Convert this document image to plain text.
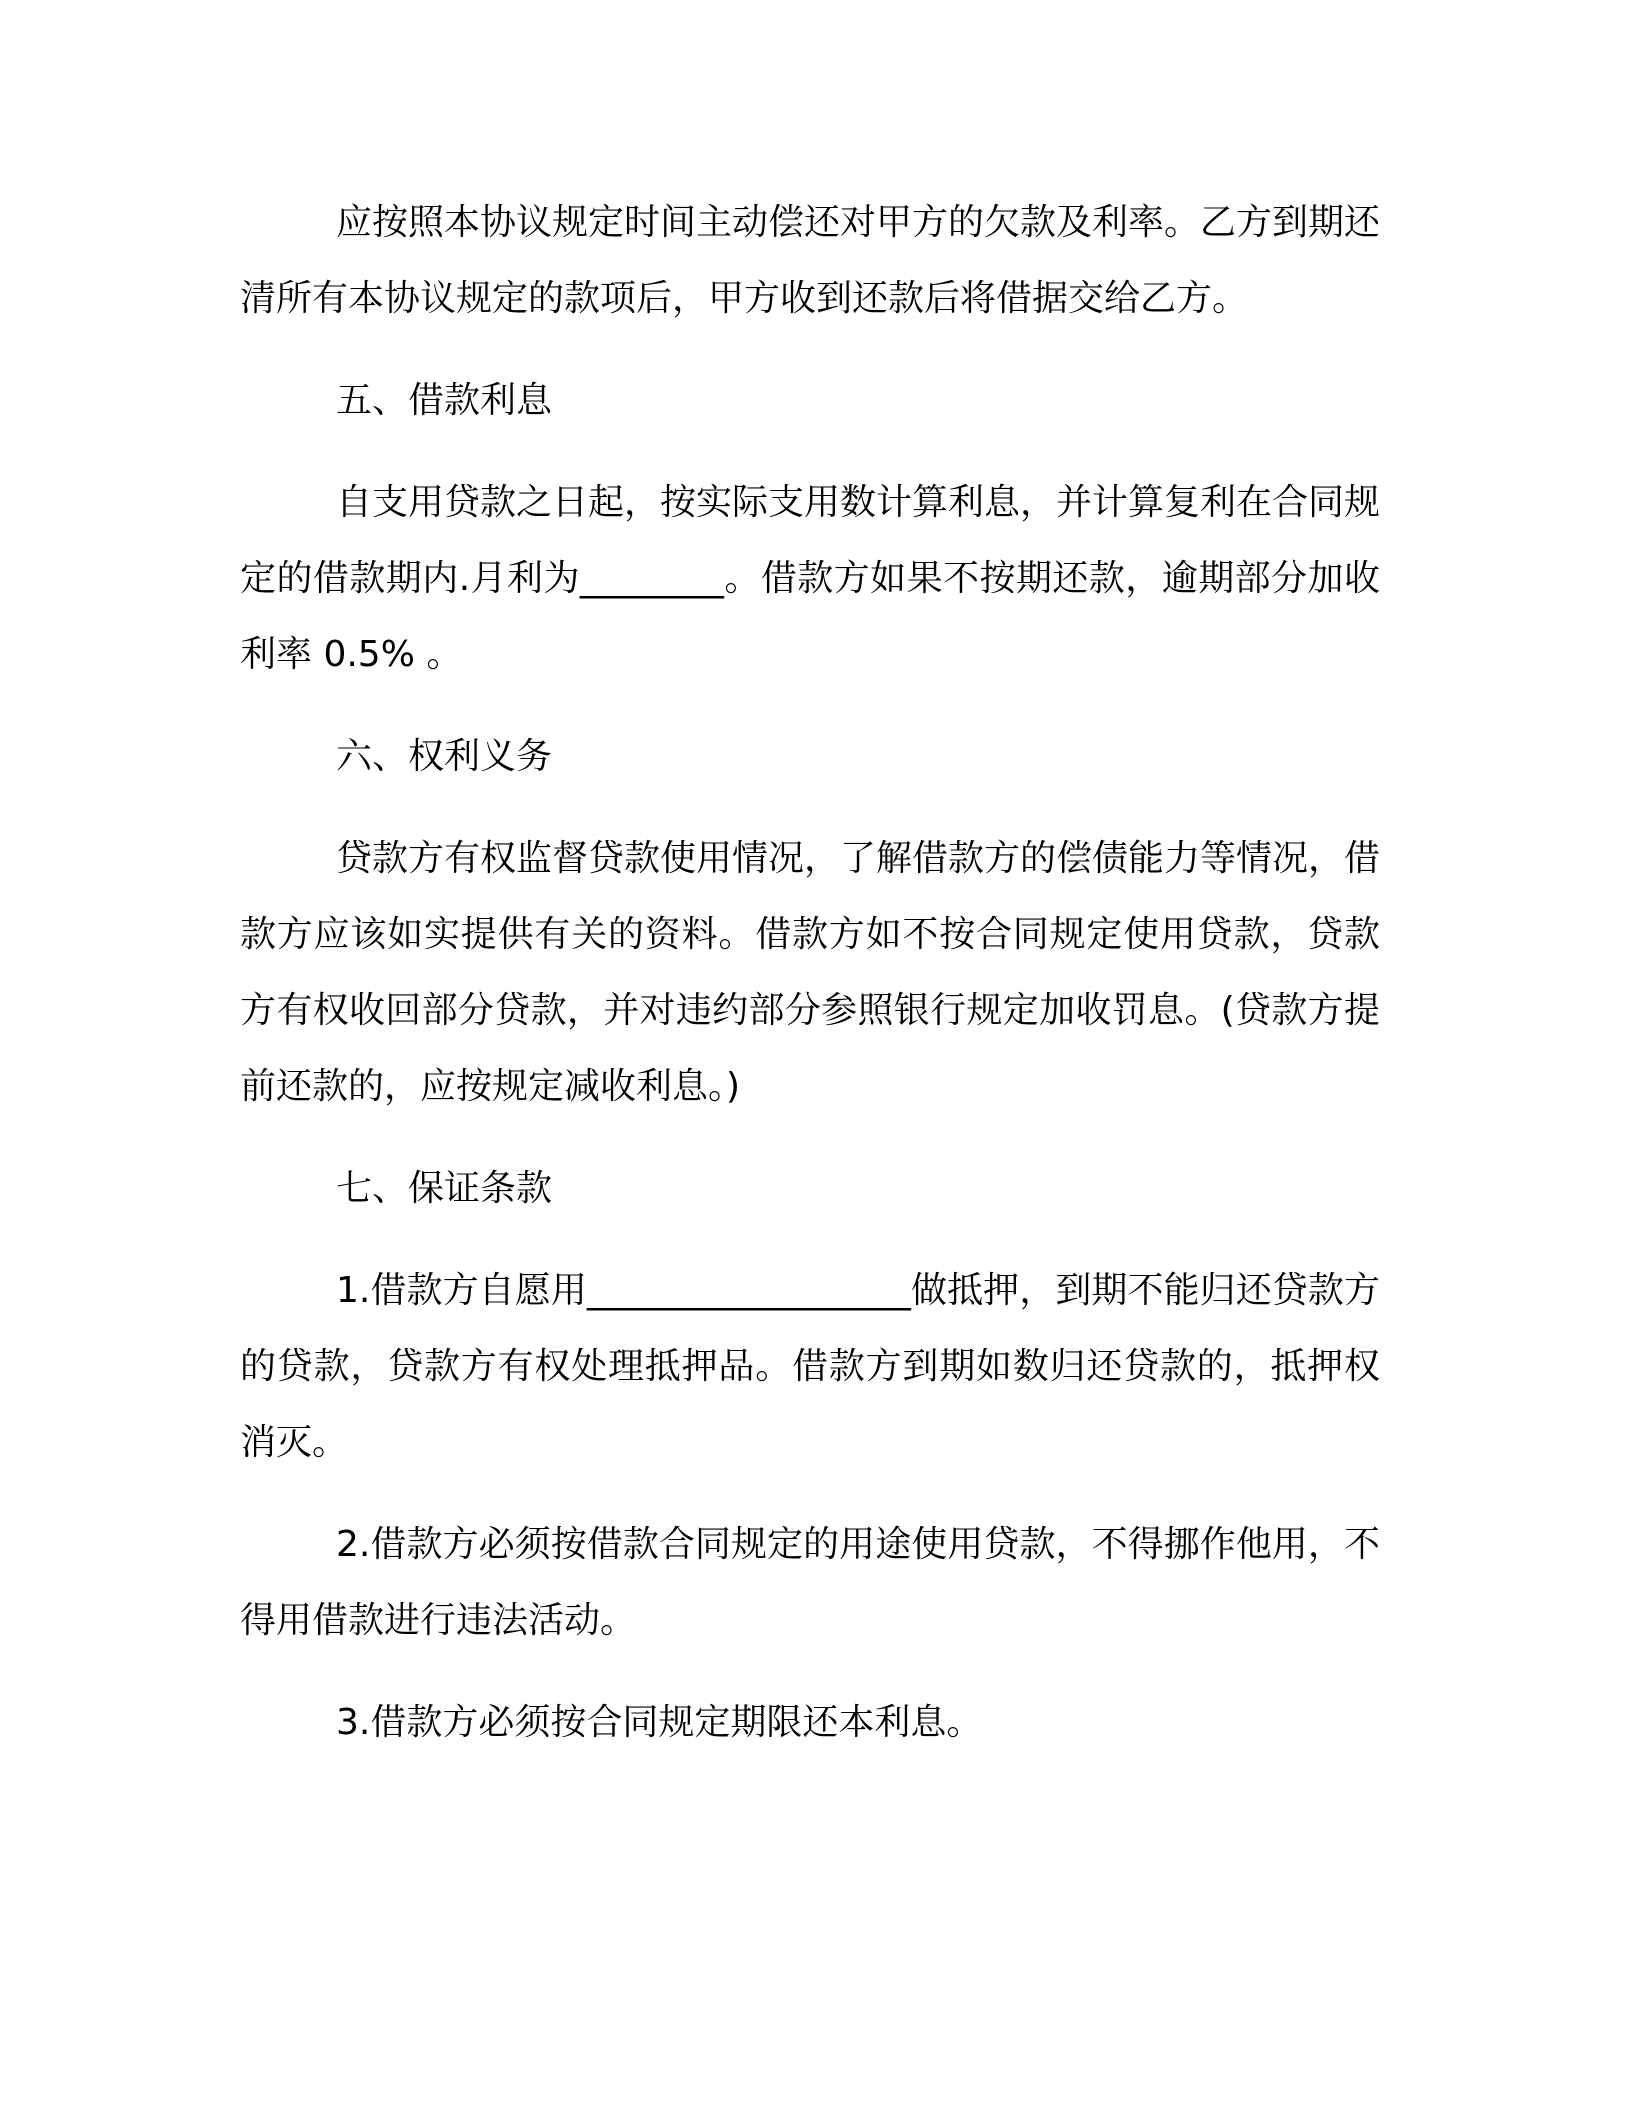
应按照本协议规定时间主动偿还对甲方的欠款及利率。乙方到期还清所有本协议规定的款项后，甲方收到还款后将借据交给乙方。

五、借款利息

自支用贷款之日起，按实际支用数计算利息，并计算复利在合同规定的借款期内.月利为________。借款方如果不按期还款，逾期部分加收利率 0.5% 。

六、权利义务

贷款方有权监督贷款使用情况，了解借款方的偿债能力等情况，借款方应该如实提供有关的资料。借款方如不按合同规定使用贷款，贷款方有权收回部分贷款，并对违约部分参照银行规定加收罚息。(贷款方提前还款的，应按规定减收利息。)

七、保证条款

1.借款方自愿用__________________做抵押，到期不能归还贷款方的贷款，贷款方有权处理抵押品。借款方到期如数归还贷款的，抵押权消灭。

2.借款方必须按借款合同规定的用途使用贷款，不得挪作他用，不得用借款进行违法活动。

3.借款方必须按合同规定期限还本利息。
